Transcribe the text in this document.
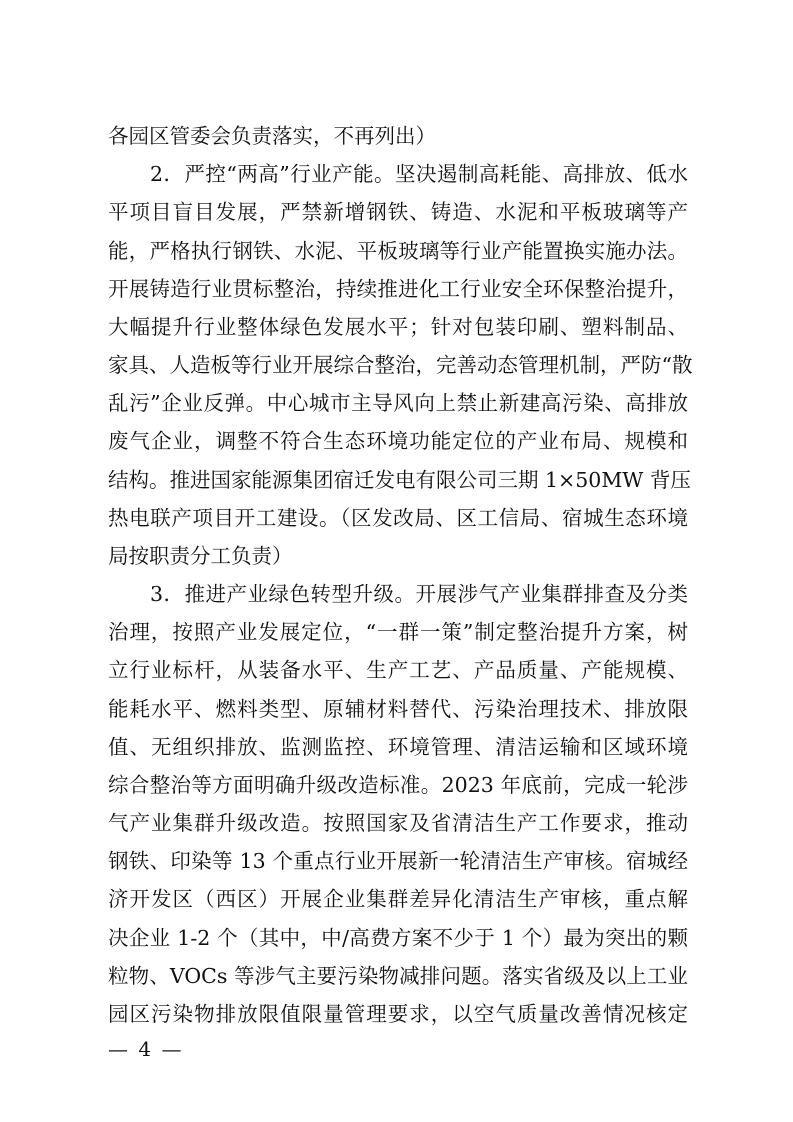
各园区管委会负责落实，不再列出）
2．严控“两高”行业产能。坚决遏制高耗能、高排放、低水
平项目盲目发展，严禁新增钢铁、铸造、水泥和平板玻璃等产
能，严格执行钢铁、水泥、平板玻璃等行业产能置换实施办法。
开展铸造行业贯标整治，持续推进化工行业安全环保整治提升，
大幅提升行业整体绿色发展水平；针对包装印刷、塑料制品、
家具、人造板等行业开展综合整治，完善动态管理机制，严防“散
乱污”企业反弹。中心城市主导风向上禁止新建高污染、高排放
废气企业，调整不符合生态环境功能定位的产业布局、规模和
结构。推进国家能源集团宿迁发电有限公司三期 1×50MW 背压
热电联产项目开工建设。（区发改局、区工信局、宿城生态环境
局按职责分工负责）
3．推进产业绿色转型升级。开展涉气产业集群排查及分类
治理，按照产业发展定位，“一群一策”制定整治提升方案，树
立行业标杆，从装备水平、生产工艺、产品质量、产能规模、
能耗水平、燃料类型、原辅材料替代、污染治理技术、排放限
值、无组织排放、监测监控、环境管理、清洁运输和区域环境
综合整治等方面明确升级改造标准。2023 年底前，完成一轮涉
气产业集群升级改造。按照国家及省清洁生产工作要求，推动
钢铁、印染等 13 个重点行业开展新一轮清洁生产审核。宿城经
济开发区（西区）开展企业集群差异化清洁生产审核，重点解
决企业 1-2 个（其中，中/高费方案不少于 1 个）最为突出的颗
— 4 —
粒物、VOCs 等涉气主要污染物减排问题。落实省级及以上工业
园区污染物排放限值限量管理要求，以空气质量改善情况核定
